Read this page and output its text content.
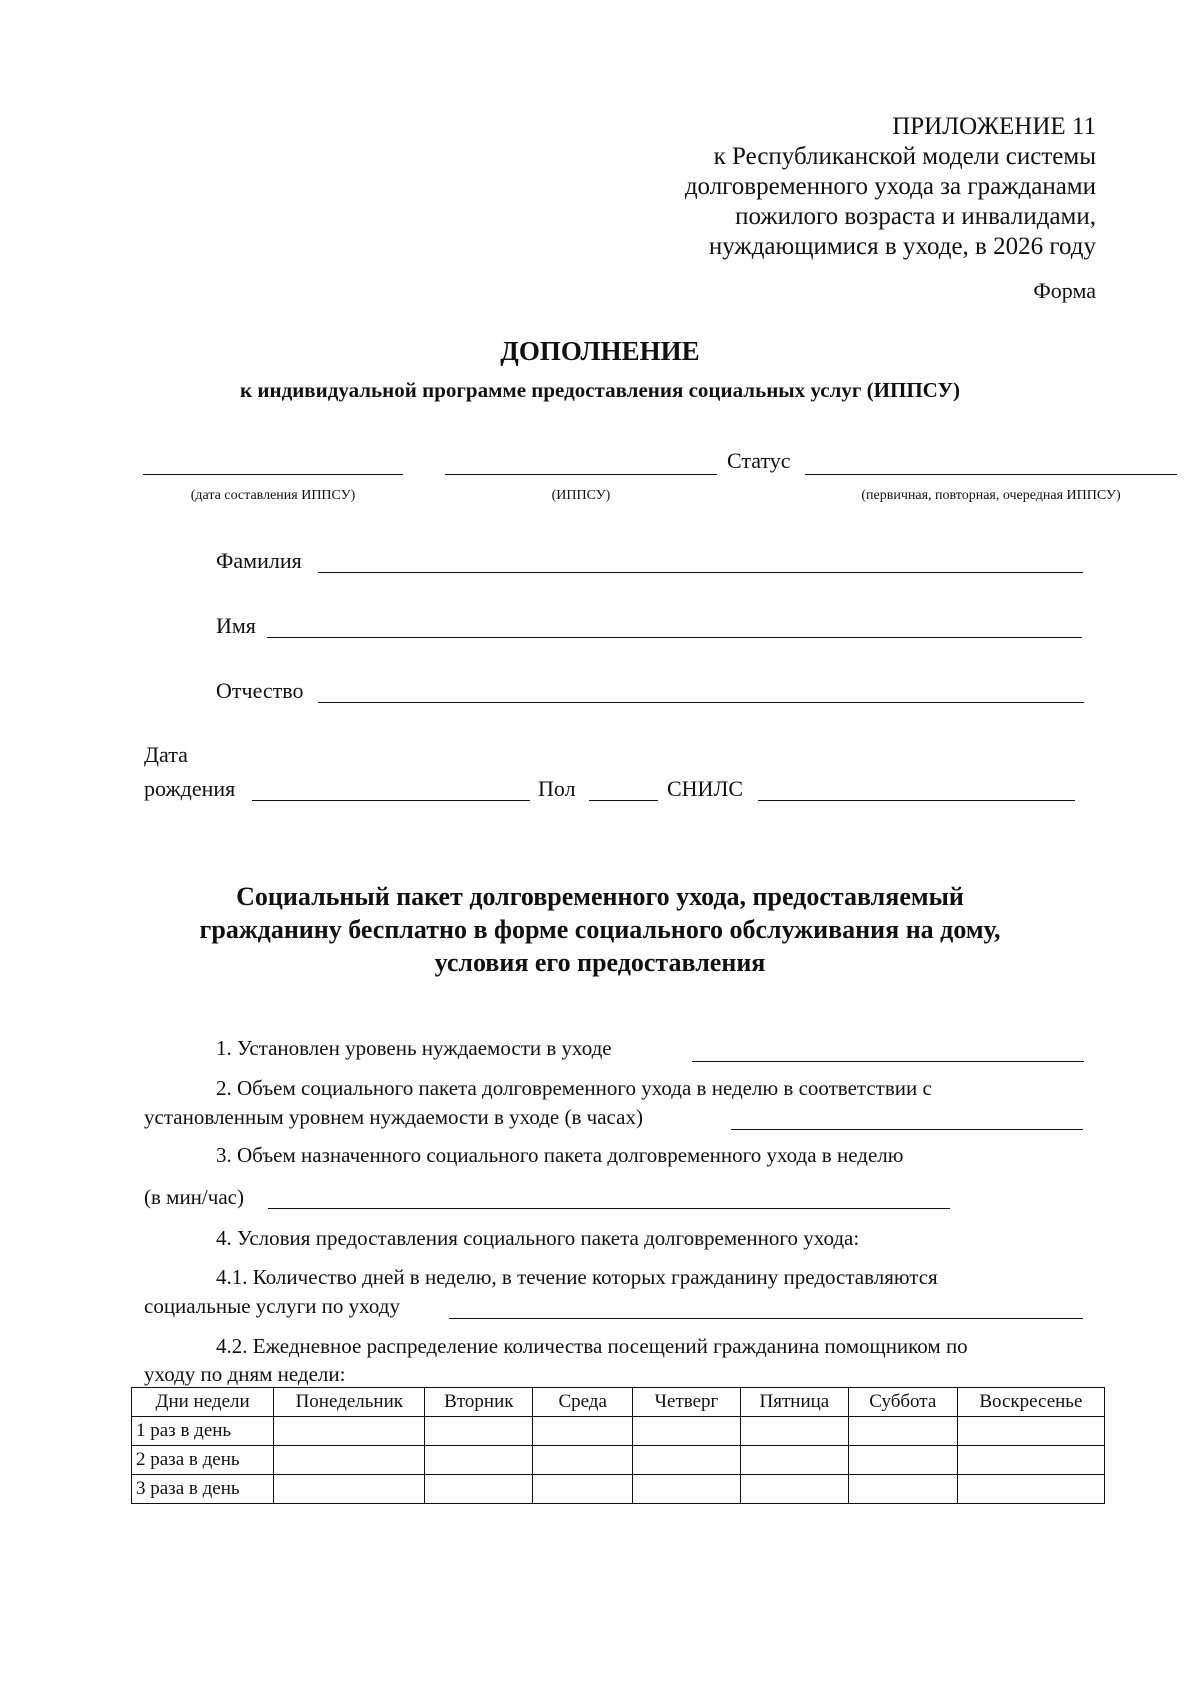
ПРИЛОЖЕНИЕ 11
к Республиканской модели системы
долговременного ухода за гражданами
пожилого возраста и инвалидами,
нуждающимися в уходе, в 2026 году
Форма
ДОПОЛНЕНИЕ
к индивидуальной программе предоставления социальных услуг (ИППСУ)
Статус
(дата составления ИППСУ)	(ИППСУ)	(первичная, повторная, очередная ИППСУ)
Фамилия
Имя
Отчество
Дата
рождения	Пол	СНИЛС
Социальный пакет долговременного ухода, предоставляемый
гражданину бесплатно в форме социального обслуживания на дому,
условия его предоставления
1. Установлен уровень нуждаемости в уходе
2. Объем социального пакета долговременного ухода в неделю в соответствии с
установленным уровнем нуждаемости в уходе (в часах)
3. Объем назначенного социального пакета долговременного ухода в неделю
(в мин/час)
4. Условия предоставления социального пакета долговременного ухода:
4.1. Количество дней в неделю, в течение которых гражданину предоставляются
социальные услуги по уходу
4.2. Ежедневное распределение количества посещений гражданина помощником по
уходу по дням недели:
Дни недели	Понедельник	Вторник	Среда	Четверг	Пятница	Суббота	Воскресенье
1 раз в день							
2 раза в день							
3 раза в день							
